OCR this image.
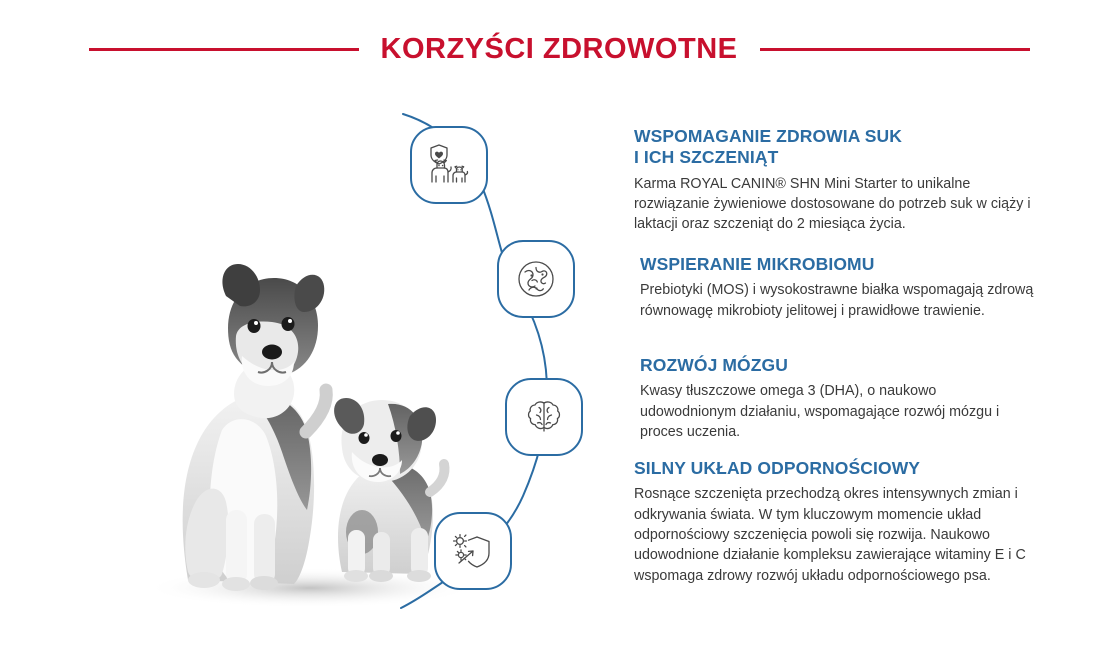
KORZYŚCI ZDROWOTNE
WSPOMAGANIE ZDROWIA SUK
I ICH SZCZENIĄT

Karma ROYAL CANIN® SHN Mini Starter to unikalne rozwiązanie żywieniowe dostosowane do potrzeb suk w ciąży i laktacji oraz szczeniąt do 2 miesiąca życia.

WSPIERANIE MIKROBIOMU

Prebiotyki (MOS) i wysokostrawne białka wspomagają zdrową równowagę mikrobioty jelitowej i prawidłowe trawienie.

ROZWÓJ MÓZGU

Kwasy tłuszczowe omega 3 (DHA), o naukowo udowodnionym działaniu, wspomagające rozwój mózgu i proces uczenia.

SILNY UKŁAD ODPORNOŚCIOWY

Rosnące szczenięta przechodzą okres intensywnych zmian i odkrywania świata. W tym kluczowym momencie układ odpornościowy szczenięcia powoli się rozwija. Naukowo udowodnione działanie kompleksu zawierające witaminy E i C wspomaga zdrowy rozwój układu odpornościowego psa.
